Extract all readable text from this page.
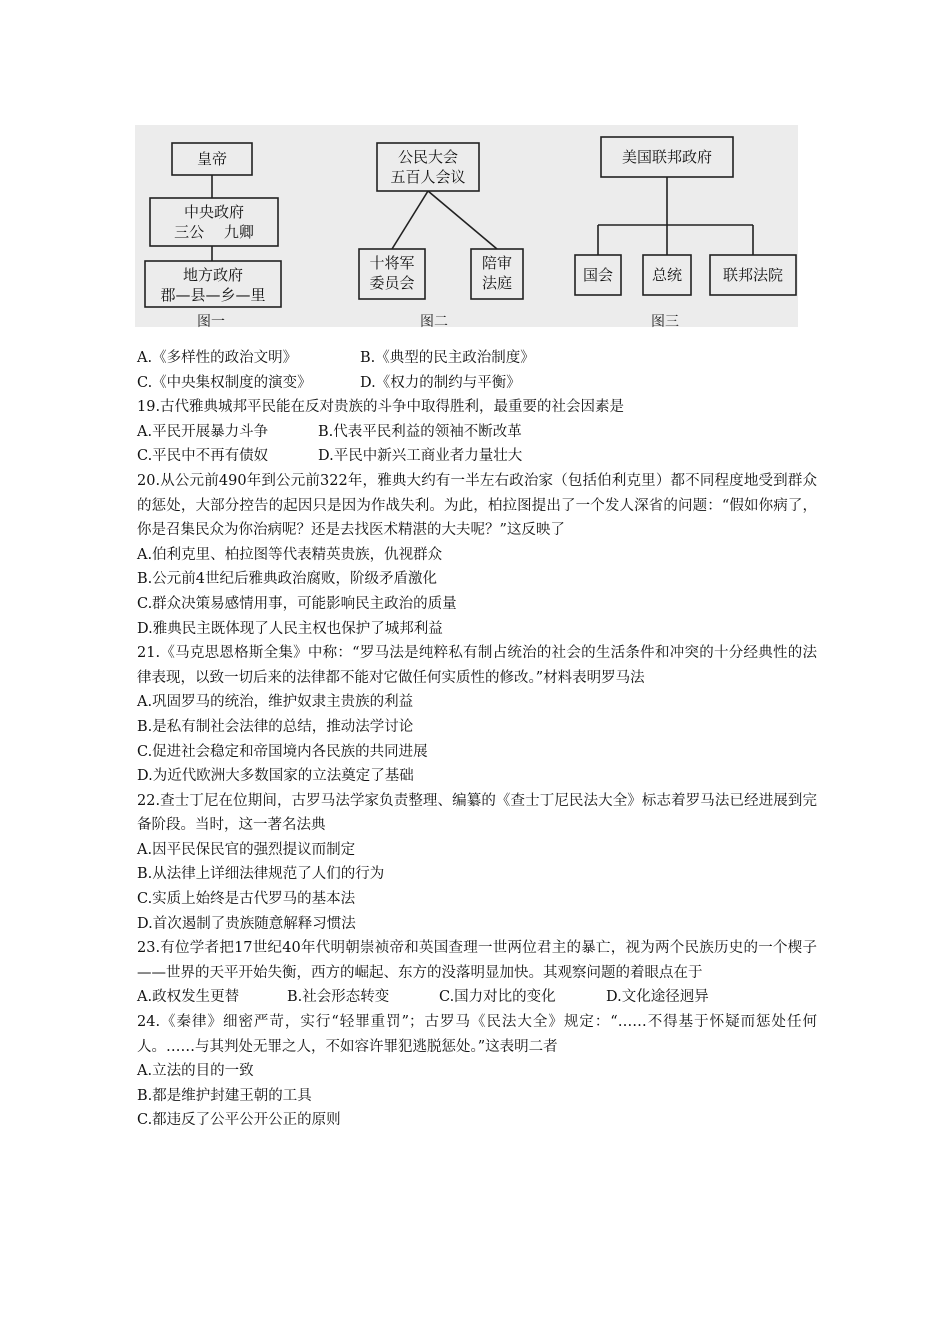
皇帝
中央政府
三公　 九卿
地方政府
郡—县—乡—里
图一
公民大会
五百人会议
十将军
委员会
陪审
法庭
图二
美国联邦政府
国会	总统	联邦法院
图三
A.《多样性的政治文明》	B.《典型的民主政治制度》
C.《中央集权制度的演变》	D.《权力的制约与平衡》

19.古代雅典城邦平民能在反对贵族的斗争中取得胜利，最重要的社会因素是

A.平民开展暴力斗争	B.代表平民利益的领袖不断改革
C.平民中不再有债奴	D.平民中新兴工商业者力量壮大

20.从公元前490年到公元前322年，雅典大约有一半左右政治家（包括伯利克里）都不同程度地受到群众的惩处，大部分控告的起因只是因为作战失利。为此，柏拉图提出了一个发人深省的问题：“假如你病了，你是召集民众为你治病呢？还是去找医术精湛的大夫呢？”这反映了

A.伯利克里、柏拉图等代表精英贵族，仇视群众

B.公元前4世纪后雅典政治腐败，阶级矛盾激化

C.群众决策易感情用事，可能影响民主政治的质量

D.雅典民主既体现了人民主权也保护了城邦利益

21.《马克思恩格斯全集》中称：“罗马法是纯粹私有制占统治的社会的生活条件和冲突的十分经典性的法律表现，以致一切后来的法律都不能对它做任何实质性的修改。”材料表明罗马法

A.巩固罗马的统治，维护奴隶主贵族的利益

B.是私有制社会法律的总结，推动法学讨论

C.促进社会稳定和帝国境内各民族的共同进展

D.为近代欧洲大多数国家的立法奠定了基础

22.查士丁尼在位期间，古罗马法学家负责整理、编纂的《查士丁尼民法大全》标志着罗马法已经进展到完备阶段。当时，这一著名法典

A.因平民保民官的强烈提议而制定

B.从法律上详细法律规范了人们的行为

C.实质上始终是古代罗马的基本法

D.首次遏制了贵族随意解释习惯法

23.有位学者把17世纪40年代明朝崇祯帝和英国查理一世两位君主的暴亡，视为两个民族历史的一个楔子——世界的天平开始失衡，西方的崛起、东方的没落明显加快。其观察问题的着眼点在于

A.政权发生更替	B.社会形态转变	C.国力对比的变化	D.文化途径迥异

24.《秦律》细密严苛，实行“轻罪重罚”；古罗马《民法大全》规定：“……不得基于怀疑而惩处任何人。……与其判处无罪之人，不如容许罪犯逃脱惩处。”这表明二者

A.立法的目的一致

B.都是维护封建王朝的工具

C.都违反了公平公开公正的原则
